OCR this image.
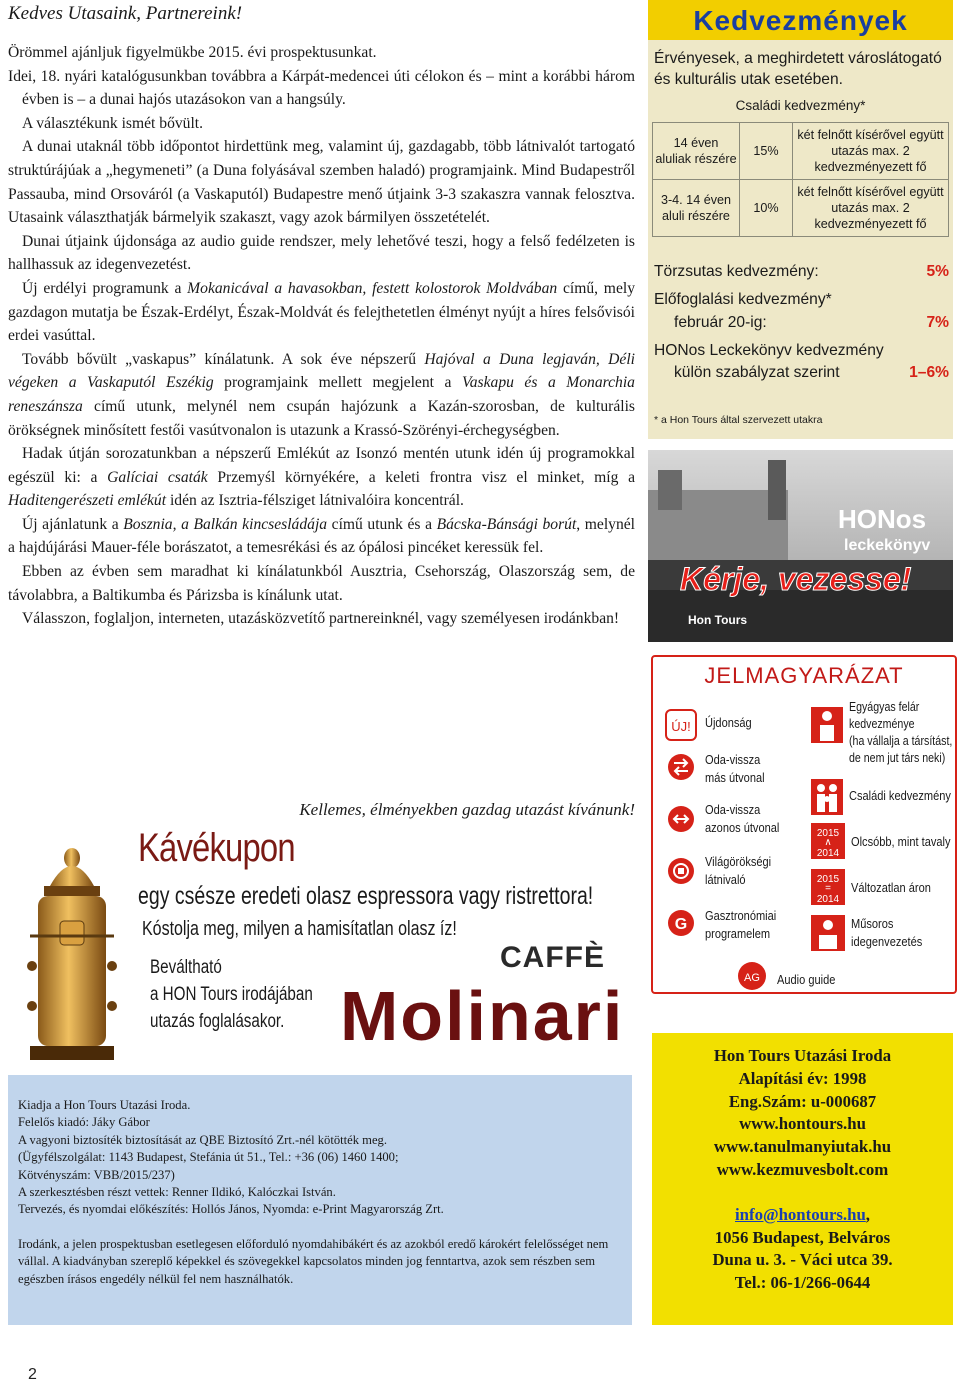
Kedves Utasaink, Partnereink!

Örömmel ajánljuk figyelmükbe 2015. évi prospektusunkat.

Idei, 18. nyári katalógusunkban továbbra a Kárpát-medencei úti célokon és – mint a korábbi három évben is – a dunai hajós utazásokon van a hangsúly.

A választékunk ismét bővült.

A dunai utaknál több időpontot hirdettünk meg, valamint új, gazdagabb, több látnivalót tartogató struktúrájúak a „hegymeneti” (a Duna folyásával szemben haladó) programjaink. Mind Budapestről Passauba, mind Orsováról (a Vaskaputól) Budapestre menő útjaink 3-3 szakaszra vannak felosztva. Utasaink választhatják bármelyik szakaszt, vagy azok bármilyen összetételét.

Dunai útjaink újdonsága az audio guide rendszer, mely lehetővé teszi, hogy a felső fedélzeten is hallhassuk az idegenvezetést.

Új erdélyi programunk a Mokanicával a havasokban, festett kolostorok Moldvában című, mely gazdagon mutatja be Észak-Erdélyt, Észak-Moldvát és felejthetetlen élményt nyújt a híres felsővisói erdei vasúttal.

Tovább bővült „vaskapus” kínálatunk. A sok éve népszerű Hajóval a Duna legjaván, Déli végeken a Vaskaputól Eszékig programjaink mellett megjelent a Vaskapu és a Monarchia reneszánsza című utunk, melynél nem csupán hajózunk a Kazán-szorosban, de kulturális örökségnek minősített festői vasútvonalon is utazunk a Krassó-Szörényi-érchegységben.

Hadak útján sorozatunkban a népszerű Emlékút az Isonzó mentén utunk idén új programokkal egészül ki: a Galíciai csaták Przemyśl környékére, a keleti frontra visz el minket, míg a Haditengerészeti emlékút idén az Isztria-félsziget látnivalóira koncentrál.

Új ajánlatunk a Bosznia, a Balkán kincsesládája című utunk és a Bácska-Bánsági borút, melynél a hajdújárási Mauer-féle borászatot, a temesrékási és az ópálosi pincéket keressük fel.

Ebben az évben sem maradhat ki kínálatunkból Ausztria, Csehország, Olaszország sem, de távolabbra, a Baltikumba és Párizsba is kínálunk utat.

Válasszon, foglaljon, interneten, utazásközvetítő partnereinknél, vagy személyesen irodánkban!

Kellemes, élményekben gazdag utazást kívánunk!
Kávékupon
egy csésze eredeti olasz espressora vagy ristrettora!
Kóstolja meg, milyen a hamisítatlan olasz íz!
Beváltható
a HON Tours irodájában
utazás foglalásakor.
CAFFÈ
Molinari
Kiadja a Hon Tours Utazási Iroda.
Felelős kiadó: Jáky Gábor
A vagyoni biztosíték biztosítását az QBE Biztosító Zrt.-nél kötötték meg.
(Ügyfélszolgálat: 1143 Budapest, Stefánia út 51., Tel.: +36 (06) 1460 1400;
Kötvényszám: VBB/2015/237)
A szerkesztésben részt vettek: Renner Ildikó, Kalóczkai István.
Tervezés, és nyomdai előkészítés: Hollós János, Nyomda: e-Print Magyarország Zrt.

Irodánk, a jelen prospektusban esetlegesen előforduló nyomdahibákért és az azokból eredő károkért felelősséget nem vállal. A kiadványban szereplő képekkel és szövegekkel kapcsolatos minden jog fenntartva, azok sem részben sem egészben írásos engedély nélkül fel nem használhatók.

2
Kedvezmények
Érvényesek, a meghirdetett városlátogató és kulturális utak esetében.
Családi kedvezmény*
14 éven aluliak részére	15%	két felnőtt kísérővel együtt utazás max. 2 kedvezményezett fő
3-4. 14 éven aluli részére	10%	két felnőtt kísérővel együtt utazás max. 2 kedvezményezett fő
Törzsutas kedvezmény:	5%
Előfoglalási kedvezmény*
február 20-ig:	7%
HONos Leckekönyv kedvezmény
külön szabályzat szerint	1–6%
* a Hon Tours által szervezett utakra
HONos
leckekönyv
Kérje, vezesse!
Hon Tours
JELMAGYARÁZAT
ÚJ! Újdonság
Oda-vissza
más útvonal
Oda-vissza
azonos útvonal
Világörökségi
látnivaló
G
Gasztronómiai
programelem
AG Audio guide
Egyágyas felár
kedvezménye
(ha vállalja a társítást,
de nem jut társ neki)
Családi kedvezmény
2015
∧
2014
Olcsóbb, mint tavaly
2015
=
2014
Változatlan áron
Műsoros
idegenvezetés
Hon Tours Utazási Iroda
Alapítási év: 1998
Eng.Szám: u-000687
www.hontours.hu
www.tanulmanyiutak.hu
www.kezmuvesbolt.com
info@hontours.hu,
1056 Budapest, Belváros
Duna u. 3. - Váci utca 39.
Tel.: 06-1/266-0644
